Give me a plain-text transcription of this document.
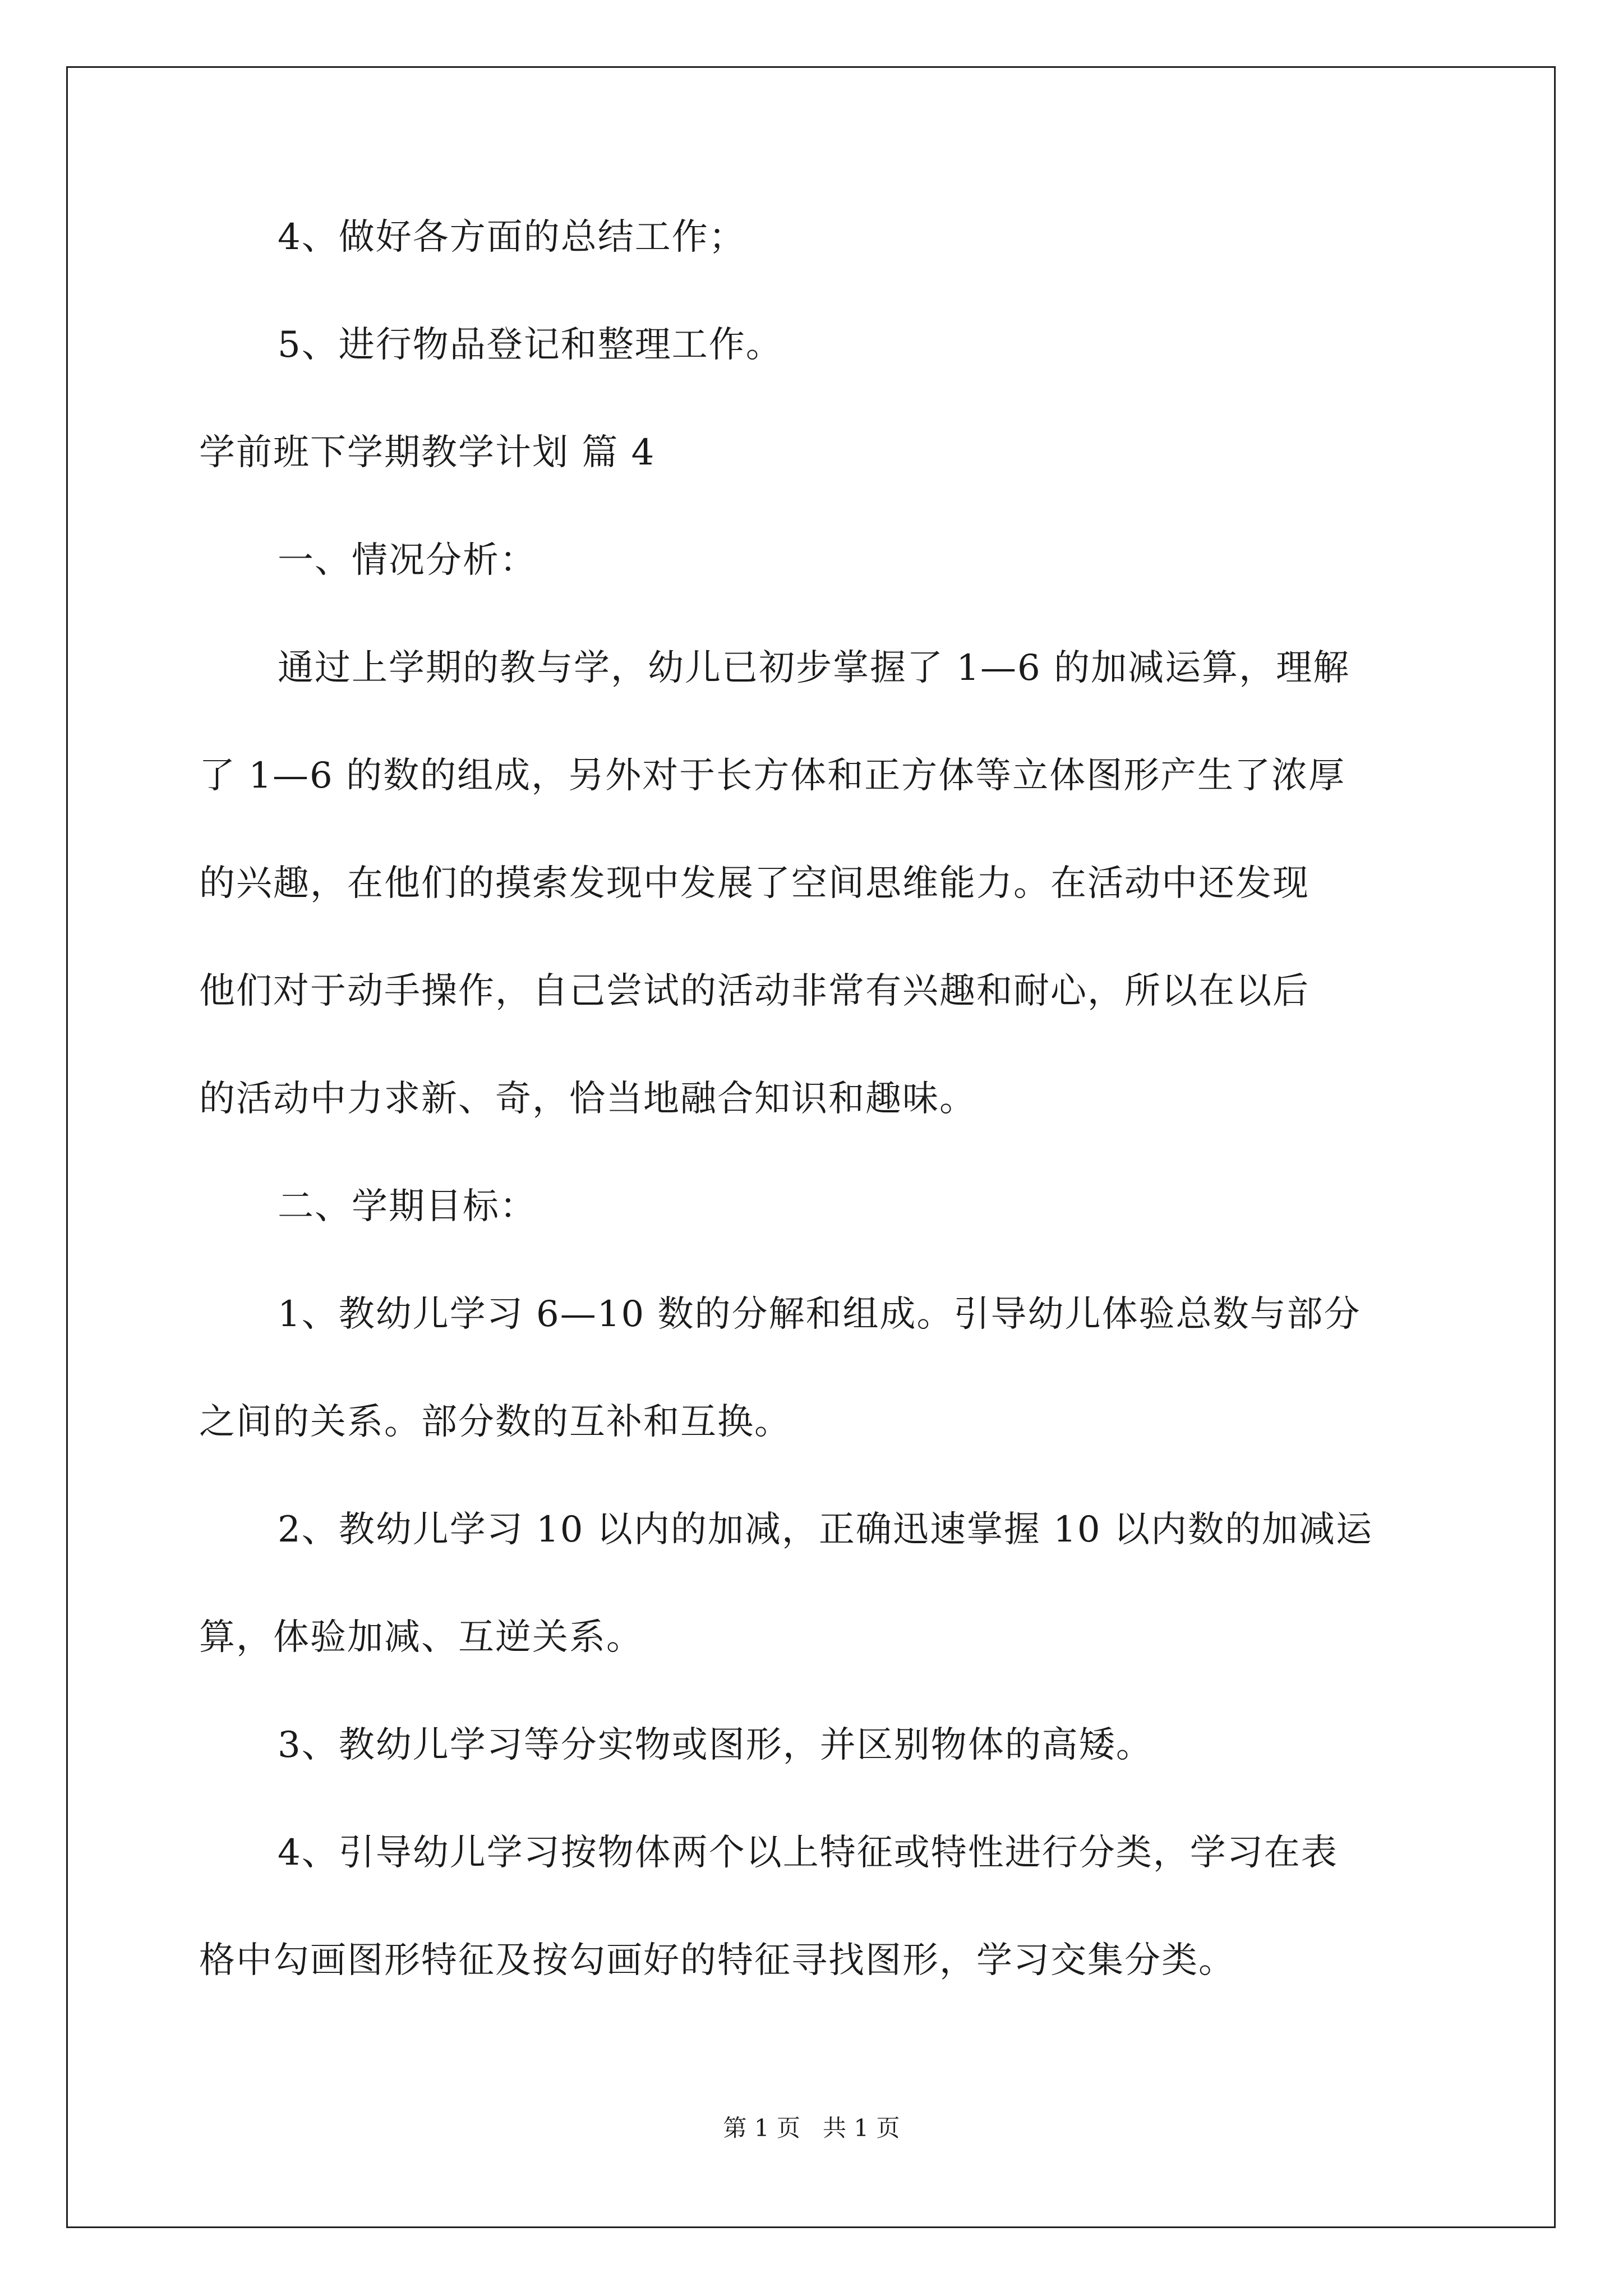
4、做好各方面的总结工作；
5、进行物品登记和整理工作。
学前班下学期教学计划 篇 4
一、情况分析：
通过上学期的教与学，幼儿已初步掌握了 1—6 的加减运算，理解
了 1—6 的数的组成，另外对于长方体和正方体等立体图形产生了浓厚
的兴趣，在他们的摸索发现中发展了空间思维能力。在活动中还发现
他们对于动手操作，自己尝试的活动非常有兴趣和耐心，所以在以后
的活动中力求新、奇，恰当地融合知识和趣味。
二、学期目标：
1、教幼儿学习 6—10 数的分解和组成。引导幼儿体验总数与部分
之间的关系。部分数的互补和互换。
2、教幼儿学习 10 以内的加减，正确迅速掌握 10 以内数的加减运
算，体验加减、互逆关系。
3、教幼儿学习等分实物或图形，并区别物体的高矮。
4、引导幼儿学习按物体两个以上特征或特性进行分类，学习在表
格中勾画图形特征及按勾画好的特征寻找图形，学习交集分类。
第 1 页   共 1 页
